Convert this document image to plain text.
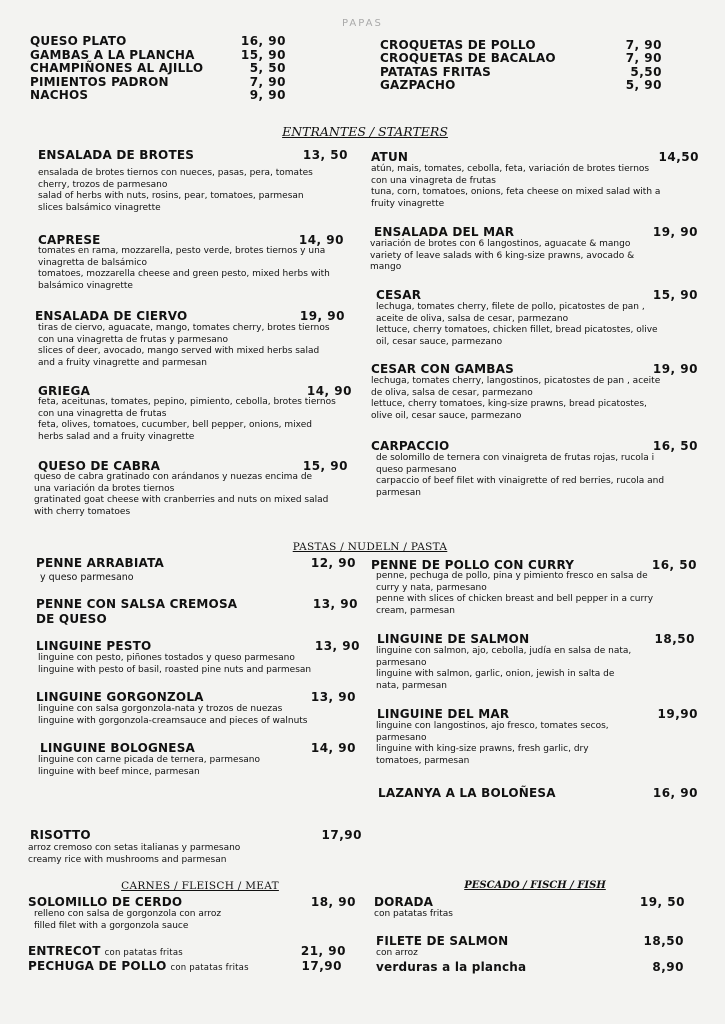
PAPAS
QUESO PLATO	16, 90
GAMBAS A LA PLANCHA	15, 90
CHAMPIÑONES AL AJILLO	5, 50
PIMIENTOS PADRON	7, 90
NACHOS	9, 90
CROQUETAS DE POLLO	7, 90
CROQUETAS DE BACALAO	7, 90
PATATAS FRITAS	5,50
GAZPACHO	5, 90
ENTRANTES / STARTERS
ENSALADA DE BROTES	13, 50
ensalada de brotes tiernos con nueces, pasas, pera, tomates
cherry, trozos de parmesano
salad of herbs with nuts, rosins, pear, tomatoes, parmesan
slices balsámico vinagrette
CAPRESE	14, 90
tomates en rama, mozzarella, pesto verde, brotes tiernos y una
vinagretta de balsámico
tomatoes, mozzarella cheese and green pesto, mixed herbs with
balsámico vinagrette
ENSALADA DE CIERVO	19, 90
tiras de ciervo, aguacate, mango, tomates cherry, brotes tiernos
con una vinagretta de frutas y parmesano
slices of deer, avocado, mango served with mixed herbs salad
and a fruity vinagrette and parmesan
GRIEGA	14, 90
feta, aceitunas, tomates, pepino, pimiento, cebolla, brotes tiernos
con una vinagretta de frutas
feta, olives, tomatoes, cucumber, bell pepper, onions, mixed
herbs salad and a fruity vinagrette
QUESO DE CABRA	15, 90
queso de cabra gratinado con arándanos y nuezas encima de
una variación da brotes tiernos
gratinated goat cheese with cranberries and nuts on mixed salad
with cherry tomatoes
ATUN	14,50
atún, mais, tomates, cebolla, feta, variación de brotes tiernos
con una vinagreta de frutas
tuna, corn, tomatoes, onions, feta cheese on mixed salad with a
fruity vinagrette
ENSALADA DEL MAR	19, 90
variación de brotes con 6 langostinos, aguacate & mango
variety of leave salads with 6 king-size prawns, avocado &
mango
CESAR	15, 90
lechuga, tomates cherry, filete de pollo, picatostes de pan ,
aceite de oliva, salsa de cesar, parmezano
lettuce, cherry tomatoes, chicken fillet, bread picatostes, olive
oil, cesar sauce, parmezano
CESAR CON GAMBAS	19, 90
lechuga, tomates cherry, langostinos, picatostes de pan , aceite
de oliva, salsa de cesar, parmezano
lettuce, cherry tomatoes, king-size prawns, bread picatostes,
olive oil, cesar sauce, parmezano
CARPACCIO	16, 50
de solomillo de ternera con vinaigreta de frutas rojas, rucola i
queso parmesano
carpaccio of beef filet with vinaigrette of red berries, rucola and
parmesan
PASTAS / NUDELN / PASTA
PENNE ARRABIATA	12, 90
y queso parmesano
PENNE CON SALSA CREMOSA
DE QUESO
13, 90
LINGUINE PESTO	13, 90
linguine con pesto, piñones tostados y queso parmesano
linguine with pesto of basil, roasted pine nuts and parmesan
LINGUINE GORGONZOLA	13, 90
linguine con salsa gorgonzola-nata y trozos de nuezas
linguine with gorgonzola-creamsauce and pieces of walnuts
LINGUINE BOLOGNESA	14, 90
linguine con carne picada de ternera, parmesano
linguine with beef mince, parmesan
PENNE DE POLLO CON CURRY	16, 50
penne, pechuga de pollo, pina y pimiento fresco en salsa de
curry y nata, parmesano
penne with slices of chicken breast and bell pepper in a curry
cream, parmesan
LINGUINE DE SALMON	18,50
linguine con salmon, ajo, cebolla, judía en salsa de nata,
parmesano
linguine with salmon, garlic, onion, jewish in salta de
nata, parmesan
LINGUINE DEL MAR	19,90
linguine con langostinos, ajo fresco, tomates secos,
parmesano
linguine with king-size prawns, fresh garlic, dry
tomatoes, parmesan
LAZANYA A LA BOLOÑESA	16, 90
RISOTTO	17,90
arroz cremoso con setas italianas y parmesano
creamy rice with mushrooms and parmesan
CARNES / FLEISCH / MEAT
SOLOMILLO DE CERDO	18, 90
relleno con salsa de gorgonzola con arroz
filled filet with a gorgonzola sauce
ENTRECOT con patatas fritas	21, 90
PECHUGA DE POLLO con patatas fritas	17,90
PESCADO / FISCH / FISH
DORADA	19, 50
con patatas fritas
FILETE DE SALMON	18,50
con arroz
verduras a la plancha	8,90
